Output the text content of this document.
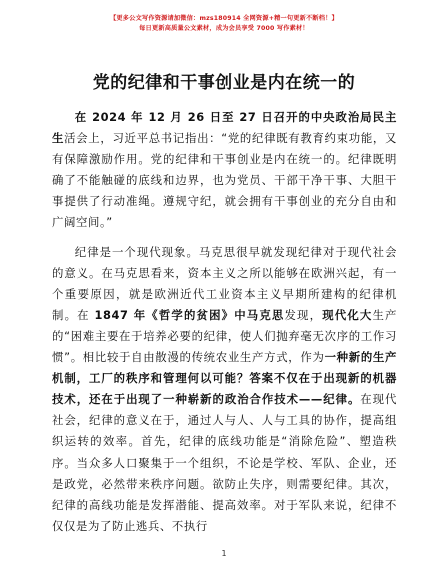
【更多公文写作资源请加微信：mzs180914 全网资源+精一句更新不断档！】
每日更新高质量公文素材，成为会员享受 7000 写作素材！
党的纪律和干事创业是内在统一的

在 2024 年 12 月 26 日至 27 日召开的中央政治局民主生活会上，习近平总书记指出：“党的纪律既有教育约束功能，又有保障激励作用。党的纪律和干事创业是内在统一的。纪律既明确了不能触碰的底线和边界，也为党员、干部干净干事、大胆干事提供了行动准绳。遵规守纪，就会拥有干事创业的充分自由和广阔空间。”

纪律是一个现代现象。马克思很早就发现纪律对于现代社会的意义。在马克思看来，资本主义之所以能够在欧洲兴起，有一个重要原因，就是欧洲近代工业资本主义早期所建构的纪律机制。在 1847 年《哲学的贫困》中马克思发现，现代化大生产的“困难主要在于培养必要的纪律，使人们抛弃毫无次序的工作习惯”。相比较于自由散漫的传统农业生产方式，作为一种新的生产机制，工厂的秩序和管理何以可能？答案不仅在于出现新的机器技术，还在于出现了一种崭新的政治合作技术——纪律。在现代社会，纪律的意义在于，通过人与人、人与工具的协作，提高组织运转的效率。首先，纪律的底线功能是“消除危险”、塑造秩序。当众多人口聚集于一个组织，不论是学校、军队、企业，还是政党，必然带来秩序问题。欲防止失序，则需要纪律。其次，纪律的高线功能是发挥潜能、提高效率。对于军队来说，纪律不仅仅是为了防止逃兵、不执行

1
